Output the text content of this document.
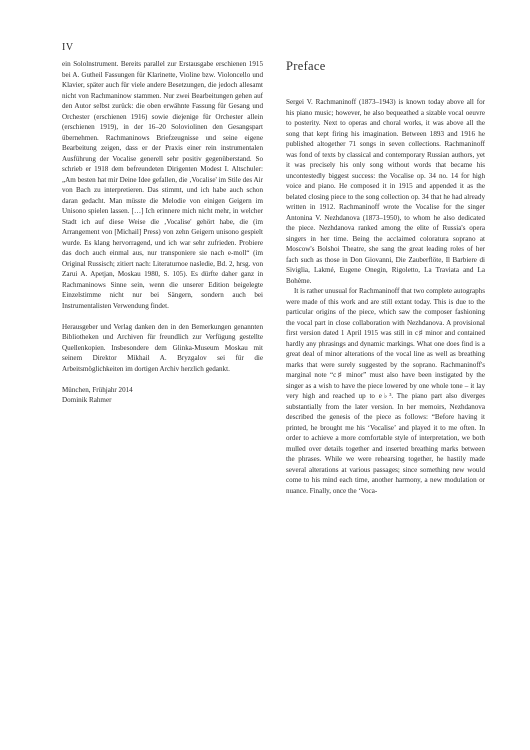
IV

ein Sololnstrument. Bereits parallel zur Erstausgabe erschienen 1915 bei A. Gutheil Fassungen für Klarinette, Violine bzw. Violoncello und Klavier, später auch für viele andere Besetzungen, die jedoch allesamt nicht von Rachmaninow stammen. Nur zwei Bearbeitungen gehen auf den Autor selbst zurück: die oben erwähnte Fassung für Gesang und Orchester (erschienen 1916) sowie diejenige für Orchester allein (erschienen 1919), in der 16–20 Soloviolinen den Gesangspart übernehmen. Rachmaninows Briefzeugnisse und seine eigene Bearbeitung zeigen, dass er der Praxis einer rein instrumentalen Ausführung der Vocalise generell sehr positiv gegenüberstand. So schrieb er 1918 dem befreundeten Dirigenten Modest I. Altschuler: „Am besten hat mir Deine Idee gefallen, die ‚Vocalise' im Stile des Air von Bach zu interpretieren. Das stimmt, und ich habe auch schon daran gedacht. Man müsste die Melodie von einigen Geigern im Unisono spielen lassen. […] Ich erinnere mich nicht mehr, in welcher Stadt ich auf diese Weise die ‚Vocalise' gehört habe, die (im Arrangement von [Michail] Press) von zehn Geigern unisono gespielt wurde. Es klang hervorragend, und ich war sehr zufrieden. Probiere das doch auch einmal aus, nur transponiere sie nach e-moll“ (im Original Russisch; zitiert nach: Literaturnoe nasledie, Bd. 2, hrsg. von Zarui A. Apetjan, Moskau 1980, S. 105). Es dürfte daher ganz in Rachmaninows Sinne sein, wenn die unserer Edition beigelegte Einzelstimme nicht nur bei Sängern, sondern auch bei Instrumentalisten Verwendung findet.

Herausgeber und Verlag danken den in den Bemerkungen genannten Bibliotheken und Archiven für freundlich zur Verfügung gestellte Quellenkopien. Insbesondere dem Glinka-Museum Moskau mit seinem Direktor Mikhail A. Bryzgalov sei für die Arbeitsmöglichkeiten im dortigen Archiv herzlich gedankt.

München, Frühjahr 2014

Dominik Rahmer

Preface

Sergei V. Rachmaninoff (1873–1943) is known today above all for his piano music; however, he also bequeathed a sizable vocal oeuvre to posterity. Next to operas and choral works, it was above all the song that kept firing his imagination. Between 1893 and 1916 he published altogether 71 songs in seven collections. Rachmaninoff was fond of texts by classical and contemporary Russian authors, yet it was precisely his only song without words that became his uncontestedly biggest success: the Vocalise op. 34 no. 14 for high voice and piano. He composed it in 1915 and appended it as the belated closing piece to the song collection op. 34 that he had already written in 1912. Rachmaninoff wrote the Vocalise for the singer Antonina V. Nezhdanova (1873–1950), to whom he also dedicated the piece. Nezhdanova ranked among the elite of Russia's opera singers in her time. Being the acclaimed coloratura soprano at Moscow's Bolshoi Theatre, she sang the great leading roles of her fach such as those in Don Giovanni, Die Zauberflöte, Il Barbiere di Siviglia, Lakmé, Eugene Onegin, Rigoletto, La Traviata and La Bohème.

It is rather unusual for Rachmaninoff that two complete autographs were made of this work and are still extant today. This is due to the particular origins of the piece, which saw the composer fashioning the vocal part in close collaboration with Nezhdanova. A provisional first version dated 1 April 1915 was still in c♯ minor and contained hardly any phrasings and dynamic markings. What one does find is a great deal of minor alterations of the vocal line as well as breathing marks that were surely suggested by the soprano. Rachmaninoff's marginal note “c♯ minor” must also have been instigated by the singer as a wish to have the piece lowered by one whole tone – it lay very high and reached up to e♭³. The piano part also diverges substantially from the later version. In her memoirs, Nezhdanova described the genesis of the piece as follows: “Before having it printed, he brought me his ‘Vocalise’ and played it to me often. In order to achieve a more comfortable style of interpretation, we both mulled over details together and inserted breathing marks between the phrases. While we were rehearsing together, he hastily made several alterations at various passages; since something new would come to his mind each time, another harmony, a new modulation or nuance. Finally, once the ‘Voca-
